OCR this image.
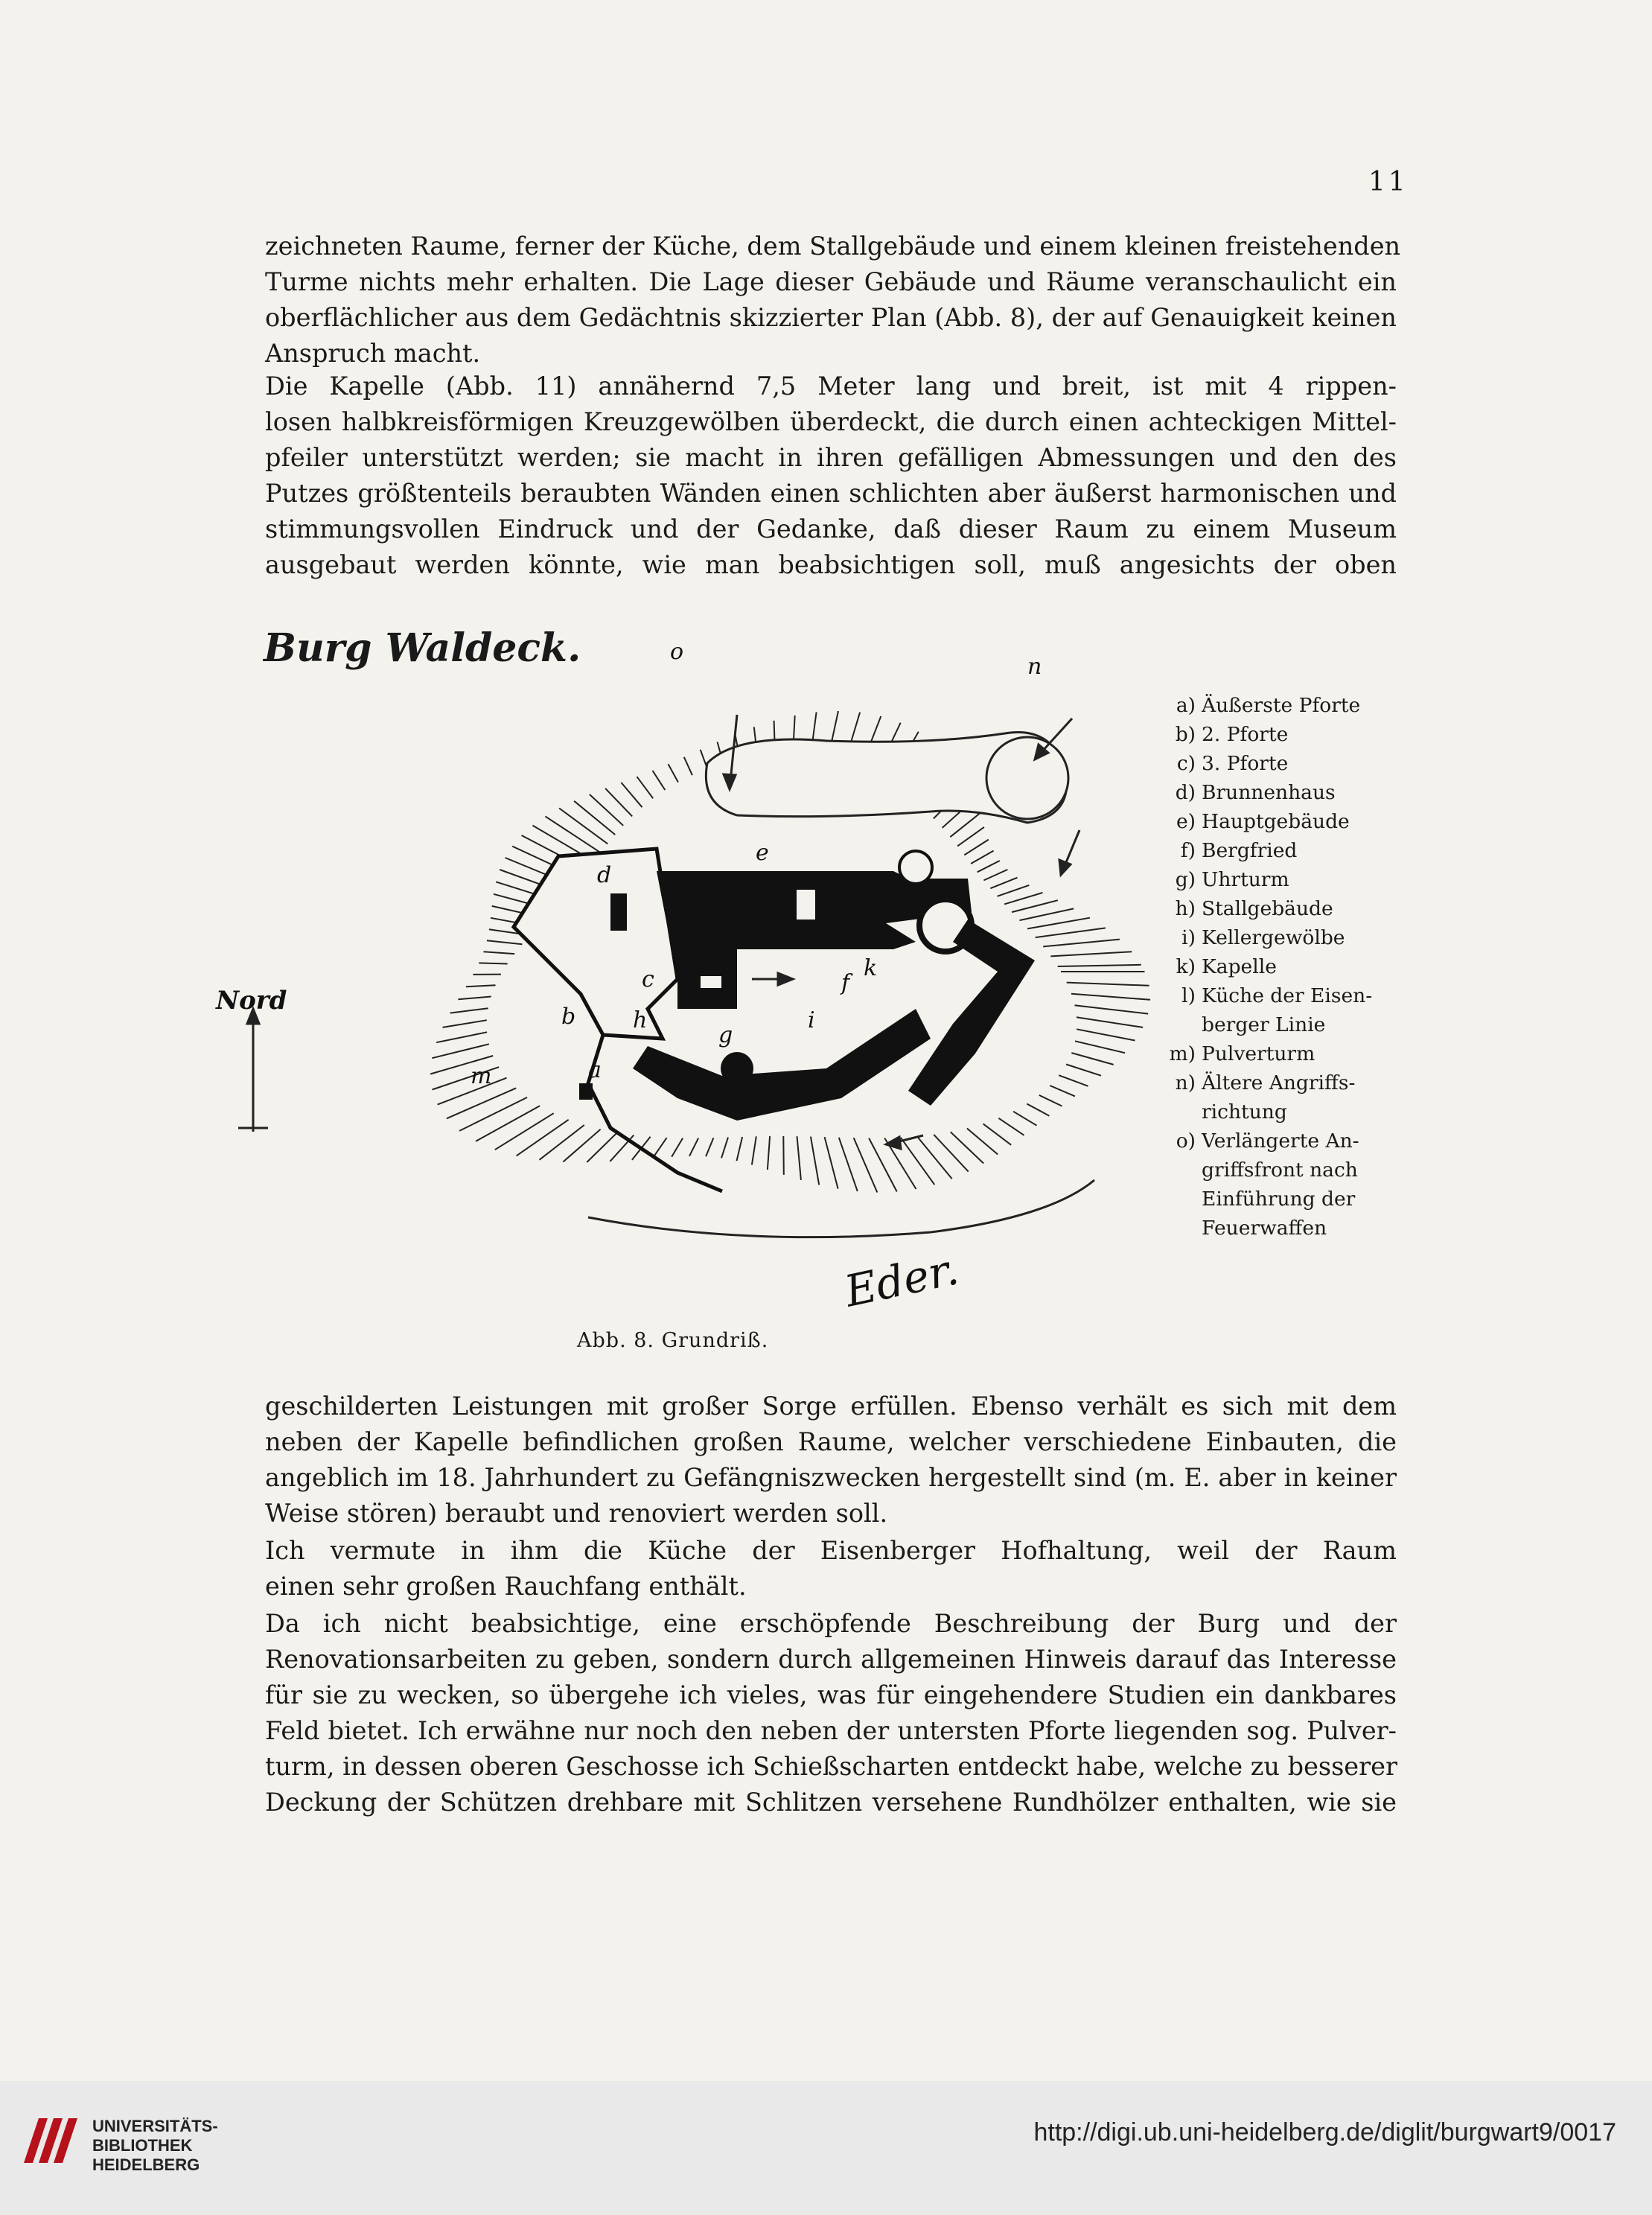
11

zeichneten Raume, ferner der Küche, dem Stallgebäude und einem kleinen freistehenden
Turme nichts mehr erhalten. Die Lage dieser Gebäude und Räume veranschaulicht ein
oberflächlicher aus dem Gedächtnis skizzierter Plan (Abb. 8), der auf Genauigkeit keinen
Anspruch macht.

Die Kapelle (Abb. 11) annähernd 7,5 Meter lang und breit, ist mit 4 rippen-
losen halbkreisförmigen Kreuzgewölben überdeckt, die durch einen achteckigen Mittel-
pfeiler unterstützt werden; sie macht in ihren gefälligen Abmessungen und den des
Putzes größtenteils beraubten Wänden einen schlichten aber äußerst harmonischen und
stimmungsvollen Eindruck und der Gedanke, daß dieser Raum zu einem Museum
ausgebaut werden könnte, wie man beabsichtigen soll, muß angesichts der oben

Burg Waldeck.
a
b
c
d
e
f
g
h	i
k
l
m
n
o
Nord
Eder.
a) Äußerste Pforte
b) 2. Pforte
c) 3. Pforte
d) Brunnenhaus
e) Hauptgebäude
f) Bergfried
g) Uhrturm
h) Stallgebäude
i) Kellergewölbe
k) Kapelle
l) Küche der Eisen-
berger Linie
m) Pulverturm
n) Ältere Angriffs-
richtung
o) Verlängerte An-
griffsfront nach
Einführung der
Feuerwaffen
Abb. 8. Grundriß.

geschilderten Leistungen mit großer Sorge erfüllen. Ebenso verhält es sich mit dem
neben der Kapelle befindlichen großen Raume, welcher verschiedene Einbauten, die
angeblich im 18. Jahrhundert zu Gefängniszwecken hergestellt sind (m. E. aber in keiner
Weise stören) beraubt und renoviert werden soll.

Ich vermute in ihm die Küche der Eisenberger Hofhaltung, weil der Raum
einen sehr großen Rauchfang enthält.

Da ich nicht beabsichtige, eine erschöpfende Beschreibung der Burg und der
Renovationsarbeiten zu geben, sondern durch allgemeinen Hinweis darauf das Interesse
für sie zu wecken, so übergehe ich vieles, was für eingehendere Studien ein dankbares
Feld bietet. Ich erwähne nur noch den neben der untersten Pforte liegenden sog. Pulver-
turm, in dessen oberen Geschosse ich Schießscharten entdeckt habe, welche zu besserer
Deckung der Schützen drehbare mit Schlitzen versehene Rundhölzer enthalten, wie sie

UNIVERSITÄTS-
BIBLIOTHEK
HEIDELBERG
http://digi.ub.uni-heidelberg.de/diglit/burgwart9/0017
